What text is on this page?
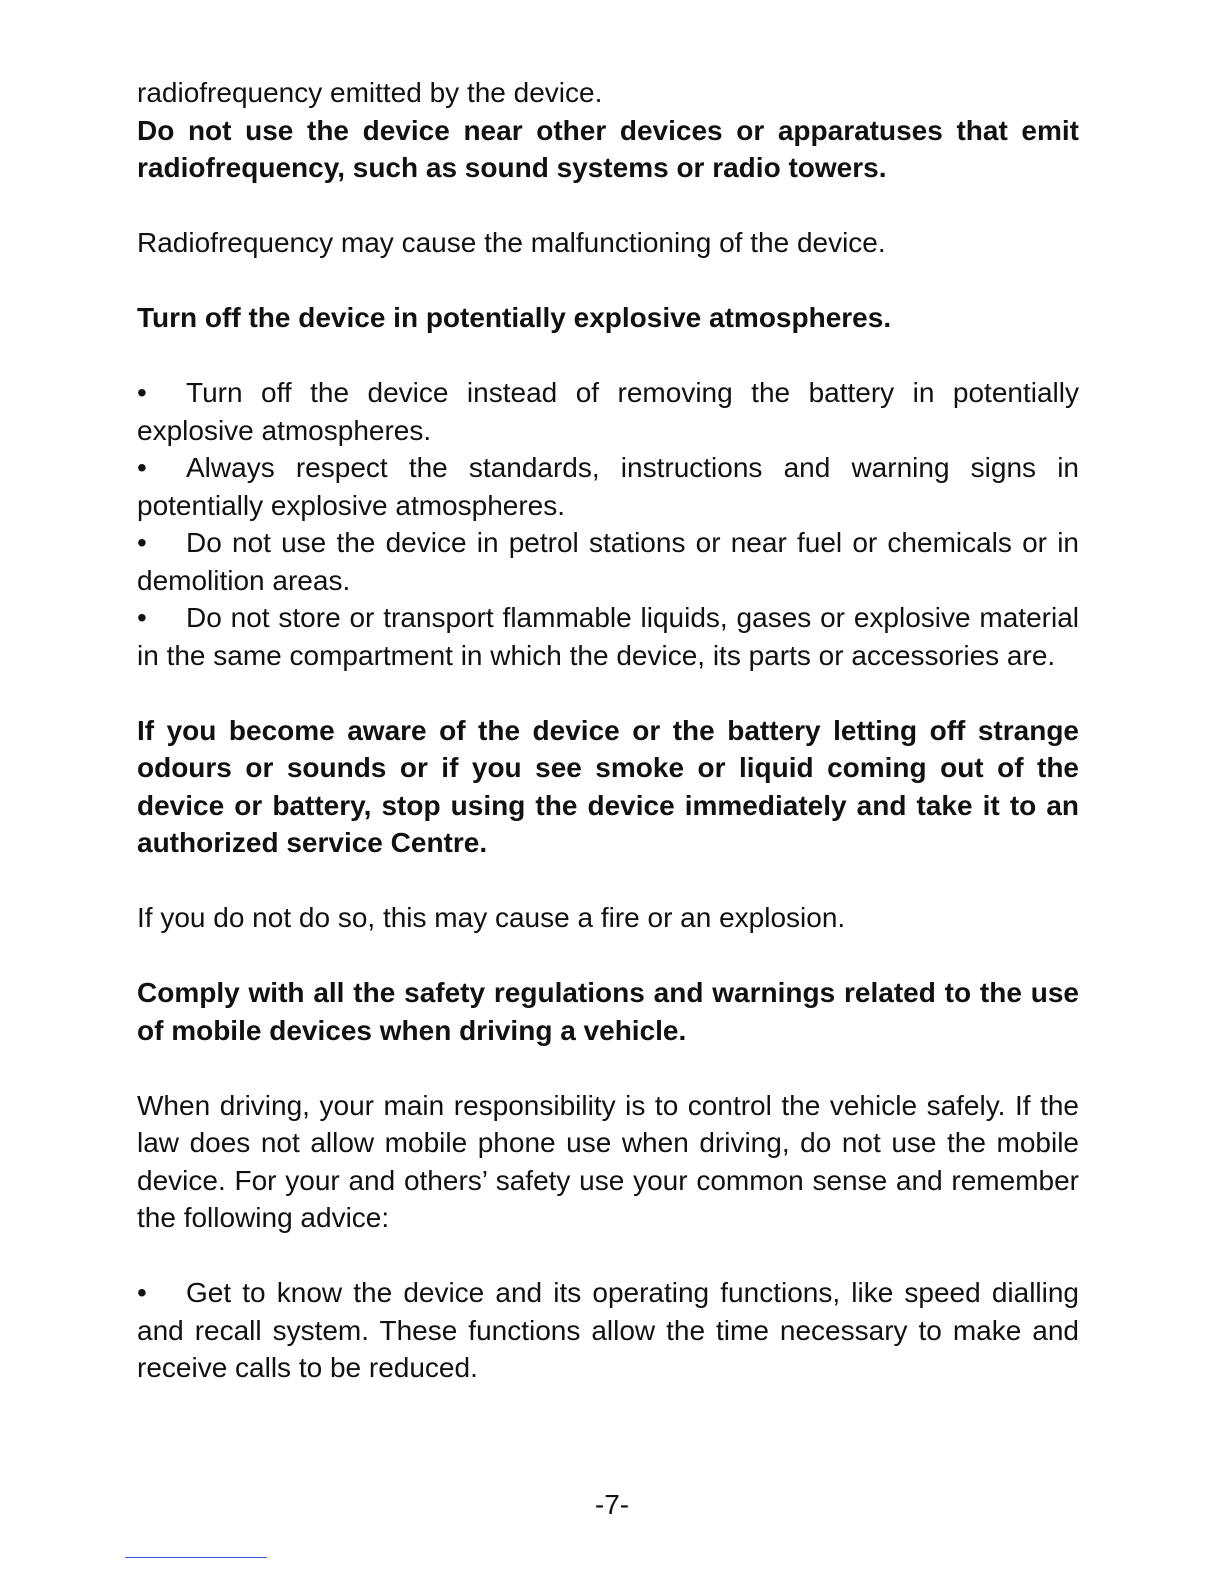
radiofrequency emitted by the device.

Do not use the device near other devices or apparatuses that emit radiofrequency, such as sound systems or radio towers.

Radiofrequency may cause the malfunctioning of the device.

Turn off the device in potentially explosive atmospheres.

• Turn off the device instead of removing the battery in potentially explosive atmospheres.

• Always respect the standards, instructions and warning signs in potentially explosive atmospheres.

• Do not use the device in petrol stations or near fuel or chemicals or in demolition areas.

• Do not store or transport flammable liquids, gases or explosive material in the same compartment in which the device, its parts or accessories are.

If you become aware of the device or the battery letting off strange odours or sounds or if you see smoke or liquid coming out of the device or battery, stop using the device immediately and take it to an authorized service Centre.

If you do not do so, this may cause a fire or an explosion.

Comply with all the safety regulations and warnings related to the use of mobile devices when driving a vehicle.

When driving, your main responsibility is to control the vehicle safely. If the law does not allow mobile phone use when driving, do not use the mobile device. For your and others’ safety use your common sense and remember the following advice:

• Get to know the device and its operating functions, like speed dialling and recall system. These functions allow the time necessary to make and receive calls to be reduced.

-7-
